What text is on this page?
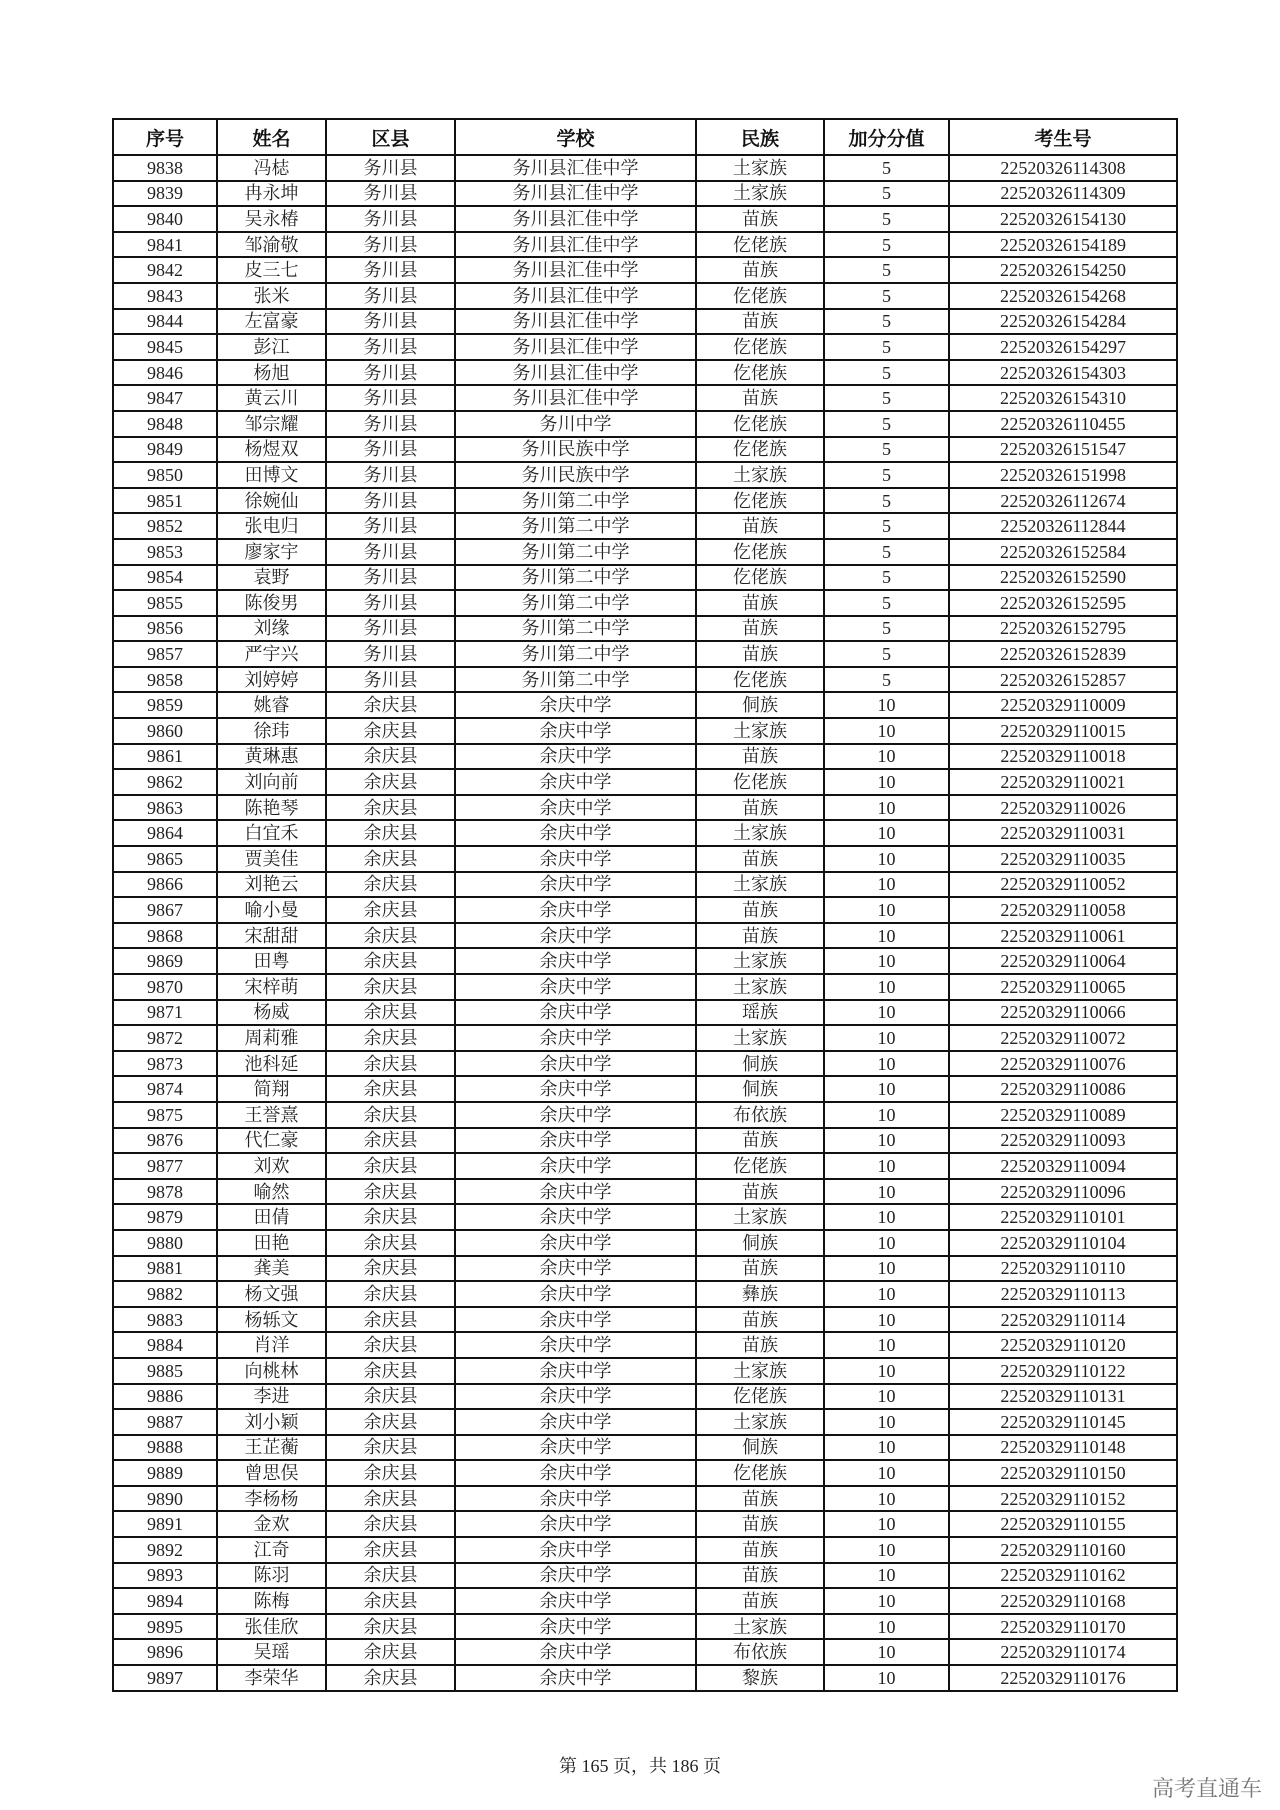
序号	姓名	区县	学校	民族	加分分值	考生号
9838	冯梽	务川县	务川县汇佳中学	土家族	5	22520326114308
9839	冉永坤	务川县	务川县汇佳中学	土家族	5	22520326114309
9840	吴永椿	务川县	务川县汇佳中学	苗族	5	22520326154130
9841	邹渝敬	务川县	务川县汇佳中学	仡佬族	5	22520326154189
9842	皮三七	务川县	务川县汇佳中学	苗族	5	22520326154250
9843	张米	务川县	务川县汇佳中学	仡佬族	5	22520326154268
9844	左富豪	务川县	务川县汇佳中学	苗族	5	22520326154284
9845	彭江	务川县	务川县汇佳中学	仡佬族	5	22520326154297
9846	杨旭	务川县	务川县汇佳中学	仡佬族	5	22520326154303
9847	黄云川	务川县	务川县汇佳中学	苗族	5	22520326154310
9848	邹宗耀	务川县	务川中学	仡佬族	5	22520326110455
9849	杨煜双	务川县	务川民族中学	仡佬族	5	22520326151547
9850	田博文	务川县	务川民族中学	土家族	5	22520326151998
9851	徐婉仙	务川县	务川第二中学	仡佬族	5	22520326112674
9852	张电归	务川县	务川第二中学	苗族	5	22520326112844
9853	廖家宇	务川县	务川第二中学	仡佬族	5	22520326152584
9854	袁野	务川县	务川第二中学	仡佬族	5	22520326152590
9855	陈俊男	务川县	务川第二中学	苗族	5	22520326152595
9856	刘缘	务川县	务川第二中学	苗族	5	22520326152795
9857	严宇兴	务川县	务川第二中学	苗族	5	22520326152839
9858	刘婷婷	务川县	务川第二中学	仡佬族	5	22520326152857
9859	姚睿	余庆县	余庆中学	侗族	10	22520329110009
9860	徐玮	余庆县	余庆中学	土家族	10	22520329110015
9861	黄琳惠	余庆县	余庆中学	苗族	10	22520329110018
9862	刘向前	余庆县	余庆中学	仡佬族	10	22520329110021
9863	陈艳琴	余庆县	余庆中学	苗族	10	22520329110026
9864	白宜禾	余庆县	余庆中学	土家族	10	22520329110031
9865	贾美佳	余庆县	余庆中学	苗族	10	22520329110035
9866	刘艳云	余庆县	余庆中学	土家族	10	22520329110052
9867	喻小曼	余庆县	余庆中学	苗族	10	22520329110058
9868	宋甜甜	余庆县	余庆中学	苗族	10	22520329110061
9869	田粤	余庆县	余庆中学	土家族	10	22520329110064
9870	宋梓萌	余庆县	余庆中学	土家族	10	22520329110065
9871	杨威	余庆县	余庆中学	瑶族	10	22520329110066
9872	周莉雅	余庆县	余庆中学	土家族	10	22520329110072
9873	池科延	余庆县	余庆中学	侗族	10	22520329110076
9874	简翔	余庆县	余庆中学	侗族	10	22520329110086
9875	王誉熹	余庆县	余庆中学	布依族	10	22520329110089
9876	代仁豪	余庆县	余庆中学	苗族	10	22520329110093
9877	刘欢	余庆县	余庆中学	仡佬族	10	22520329110094
9878	喻然	余庆县	余庆中学	苗族	10	22520329110096
9879	田倩	余庆县	余庆中学	土家族	10	22520329110101
9880	田艳	余庆县	余庆中学	侗族	10	22520329110104
9881	龚美	余庆县	余庆中学	苗族	10	22520329110110
9882	杨文强	余庆县	余庆中学	彝族	10	22520329110113
9883	杨轹文	余庆县	余庆中学	苗族	10	22520329110114
9884	肖洋	余庆县	余庆中学	苗族	10	22520329110120
9885	向桃林	余庆县	余庆中学	土家族	10	22520329110122
9886	李进	余庆县	余庆中学	仡佬族	10	22520329110131
9887	刘小颖	余庆县	余庆中学	土家族	10	22520329110145
9888	王芷蘅	余庆县	余庆中学	侗族	10	22520329110148
9889	曾思俣	余庆县	余庆中学	仡佬族	10	22520329110150
9890	李杨杨	余庆县	余庆中学	苗族	10	22520329110152
9891	金欢	余庆县	余庆中学	苗族	10	22520329110155
9892	江奇	余庆县	余庆中学	苗族	10	22520329110160
9893	陈羽	余庆县	余庆中学	苗族	10	22520329110162
9894	陈梅	余庆县	余庆中学	苗族	10	22520329110168
9895	张佳欣	余庆县	余庆中学	土家族	10	22520329110170
9896	吴瑶	余庆县	余庆中学	布依族	10	22520329110174
9897	李荣华	余庆县	余庆中学	黎族	10	22520329110176
第 165 页，共 186 页
高考直通车
